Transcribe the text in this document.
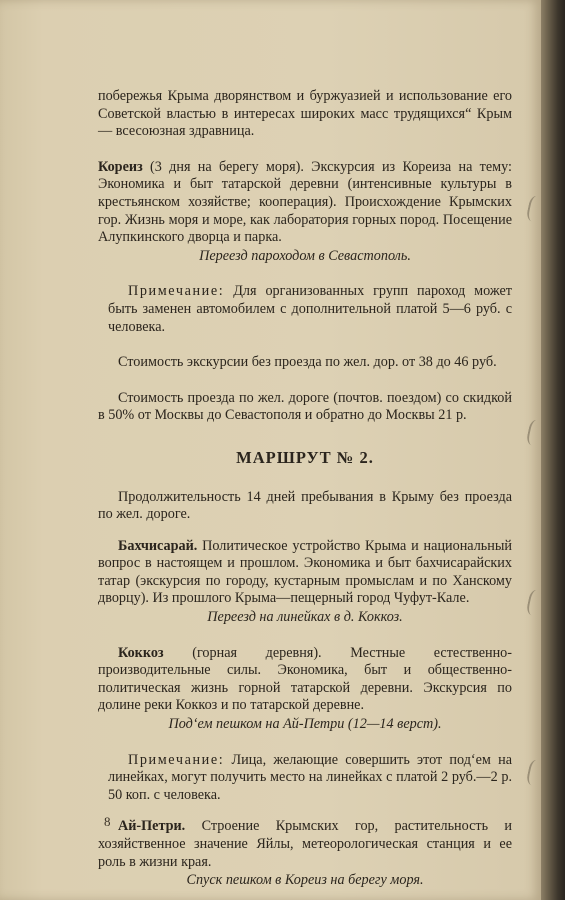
побережья Крыма дворянством и буржуазией и использование его Советской властью в интересах широких масс трудящихся“ Крым — всесоюзная здравница.

Кореиз (3 дня на берегу моря). Экскурсия из Кореиза на тему: Экономика и быт татарской деревни (интенсивные культуры в крестьянском хозяйстве; кооперация). Происхождение Крымских гор. Жизнь моря и море, как лаборатория горных пород. Посещение Алупкинского дворца и парка.

Переезд пароходом в Севастополь.

Примечание: Для организованных групп пароход может быть заменен автомобилем с дополнительной платой 5—6 руб. с человека.

Стоимость экскурсии без проезда по жел. дор. от 38 до 46 руб.

Стоимость проезда по жел. дороге (почтов. поездом) со скидкой в 50% от Москвы до Севастополя и обратно до Москвы 21 р.

МАРШРУТ № 2.

Продолжительность 14 дней пребывания в Крыму без проезда по жел. дороге.

Бахчисарай. Политическое устройство Крыма и национальный вопрос в настоящем и прошлом. Экономика и быт бахчисарайских татар (экскурсия по городу, кустарным промыслам и по Ханскому дворцу). Из прошлого Крыма—пещерный город Чуфут-Кале.

Переезд на линейках в д. Коккоз.

Коккоз (горная деревня). Местные естественно-производительные силы. Экономика, быт и общественно-политическая жизнь горной татарской деревни. Экскурсия по долине реки Коккоз и по татарской деревне.

Под‘ем пешком на Ай-Петри (12—14 верст).

Примечание: Лица, желающие совершить этот под‘ем на линейках, могут получить место на линейках с платой 2 руб.—2 р. 50 коп. с человека.

Ай-Петри. Строение Крымских гор, растительность и хозяйственное значение Яйлы, метеорологическая станция и ее роль в жизни края.

Спуск пешком в Кореиз на берегу моря.

8
